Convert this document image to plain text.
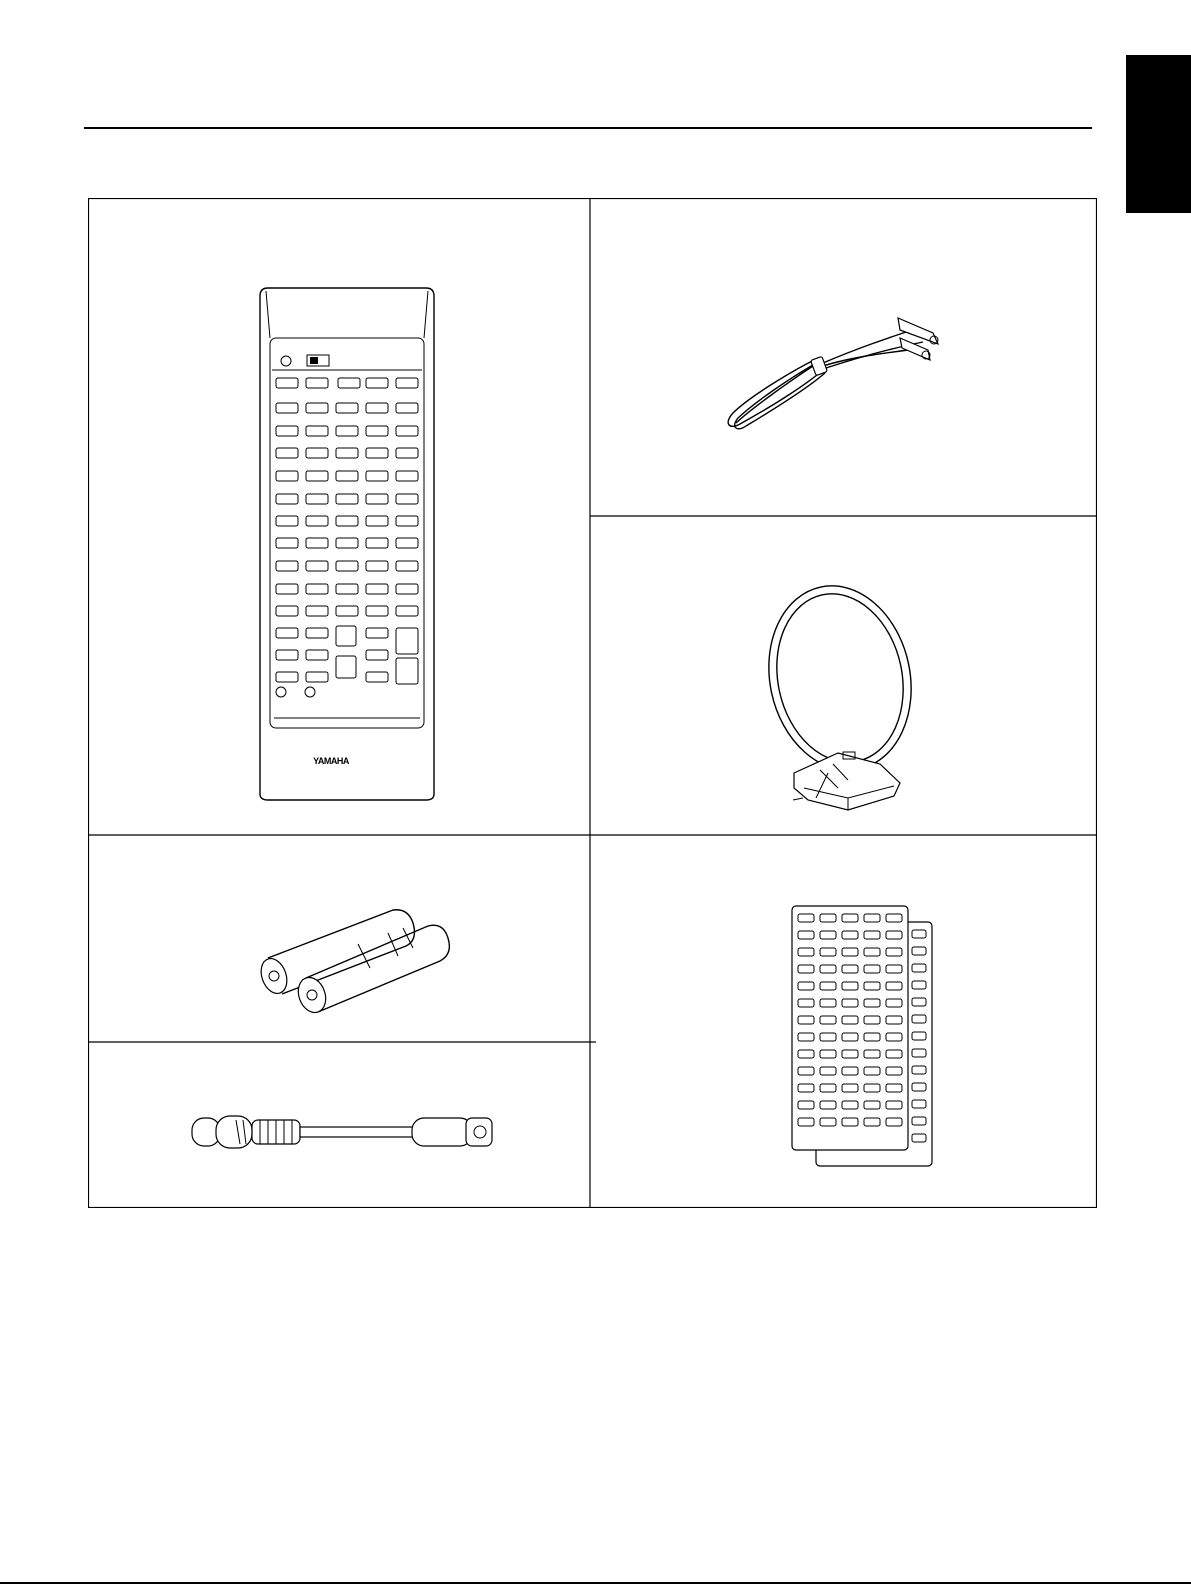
YAMAHA
